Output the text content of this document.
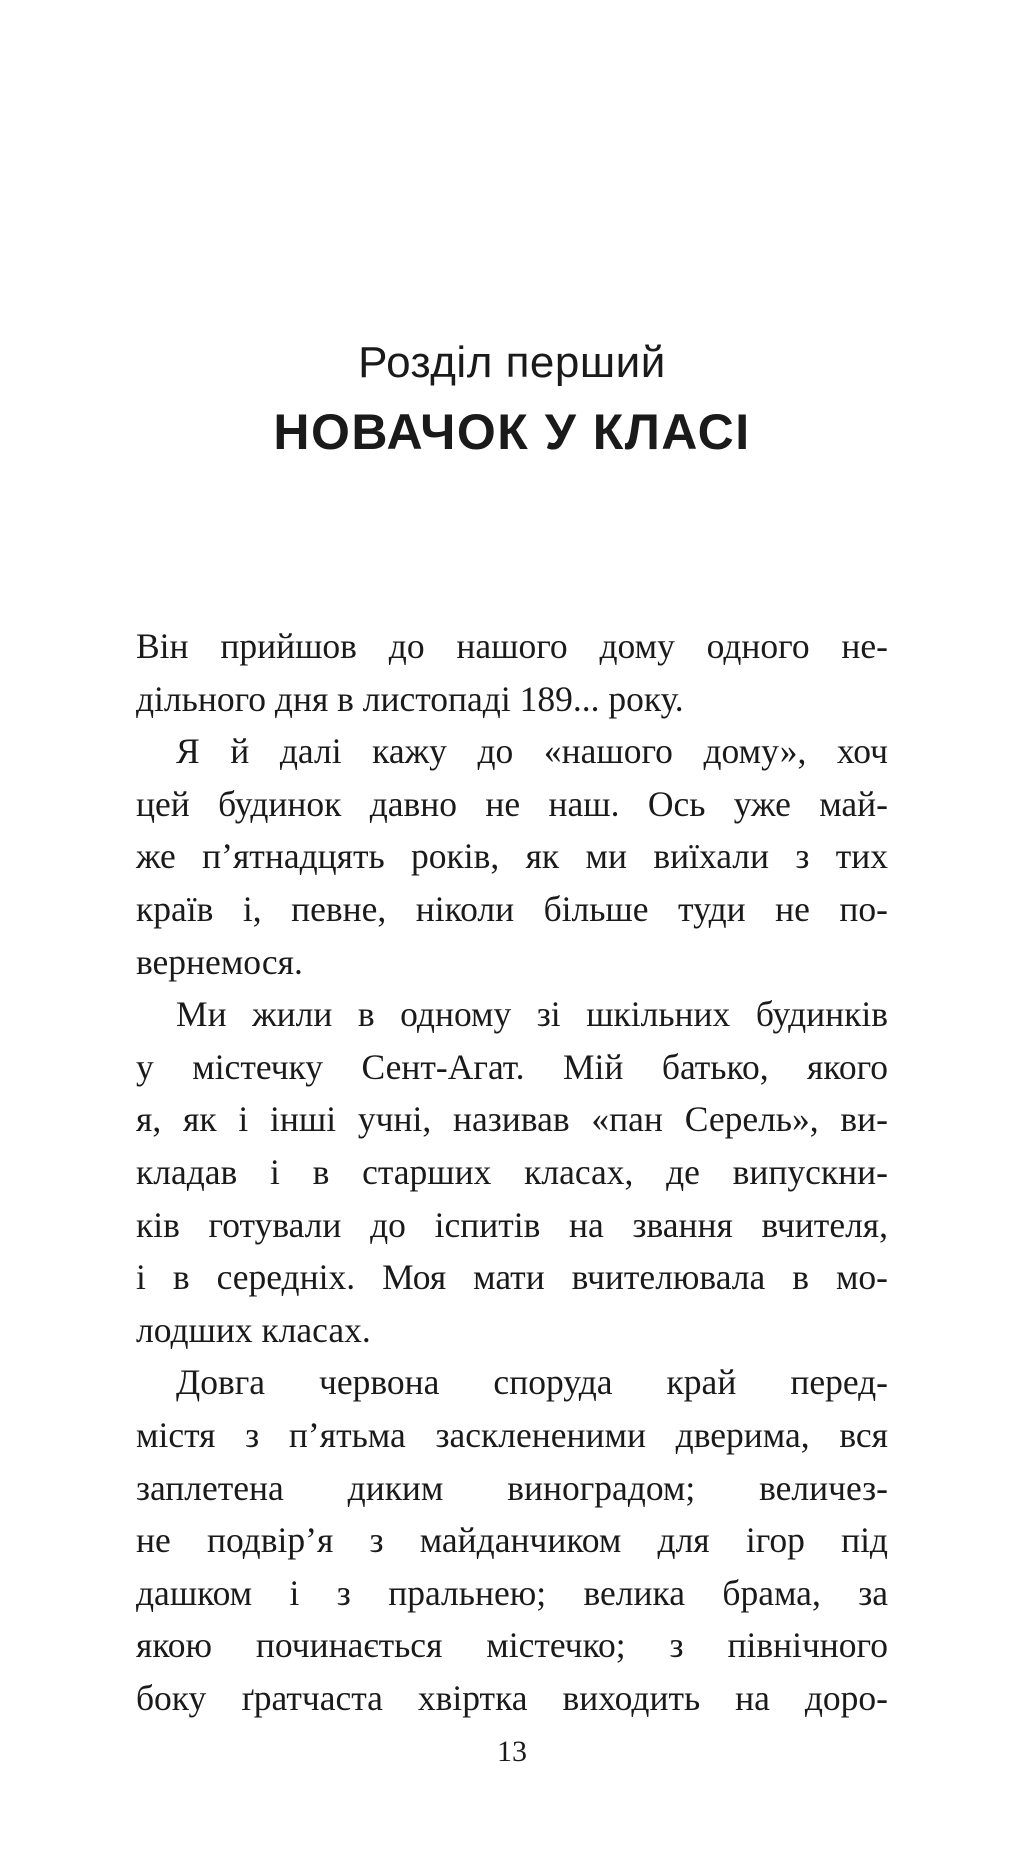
Розділ перший
НОВАЧОК У КЛАСІ
Він прийшов до нашого дому одного не-
дільного дня в листопаді 189... року.
Я й далі кажу до «нашого дому», хоч
цей будинок давно не наш. Ось уже май-
же п’ятнадцять років, як ми виїхали з тих
країв і, певне, ніколи більше туди не по-
вернемося.
Ми жили в одному зі шкільних будинків
у містечку Сент-Агат. Мій батько, якого
я, як і інші учні, називав «пан Серель», ви-
кладав і в старших класах, де випускни-
ків готували до іспитів на звання вчителя,
і в середніх. Моя мати вчителювала в мо-
лодших класах.
Довга червона споруда край перед-
містя з п’ятьма засклененими дверима, вся
заплетена диким виноградом; величез-
не подвір’я з майданчиком для ігор під
дашком і з пральнею; велика брама, за
якою починається містечко; з північного
боку ґратчаста хвіртка виходить на доро-
13
